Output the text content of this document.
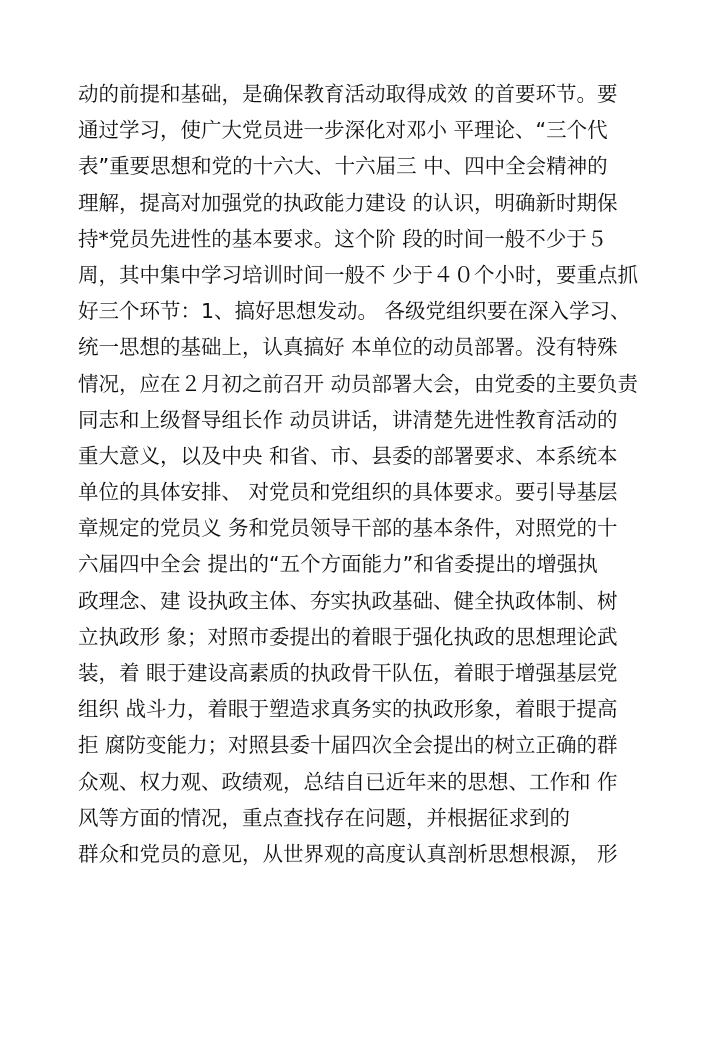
动的前提和基础，是确保教育活动取得成效 的首要环节。要
通过学习，使广大党员进一步深化对邓小 平理论、“三个代
表”重要思想和党的十六大、十六届三 中、四中全会精神的
理解，提高对加强党的执政能力建设 的认识，明确新时期保
持*党员先进性的基本要求。这个阶 段的时间一般不少于５
周，其中集中学习培训时间一般不 少于４０个小时，要重点抓
好三个环节：1、搞好思想发动。 各级党组织要在深入学习、
统一思想的基础上，认真搞好 本单位的动员部署。没有特殊
情况，应在２月初之前召开 动员部署大会，由党委的主要负责
同志和上级督导组长作 动员讲话，讲清楚先进性教育活动的
重大意义，以及中央 和省、市、县委的部署要求、本系统本
单位的具体安排、 对党员和党组织的具体要求。要引导基层
章规定的党员义 务和党员领导干部的基本条件，对照党的十
六届四中全会 提出的“五个方面能力”和省委提出的增强执
政理念、建 设执政主体、夯实执政基础、健全执政体制、树
立执政形 象；对照市委提出的着眼于强化执政的思想理论武
装，着 眼于建设高素质的执政骨干队伍，着眼于增强基层党
组织 战斗力，着眼于塑造求真务实的执政形象，着眼于提高
拒 腐防变能力；对照县委十届四次全会提出的树立正确的群
众观、权力观、政绩观，总结自已近年来的思想、工作和 作
风等方面的情况，重点查找存在问题，并根据征求到的
群众和党员的意见，从世界观的高度认真剖析思想根源， 形
